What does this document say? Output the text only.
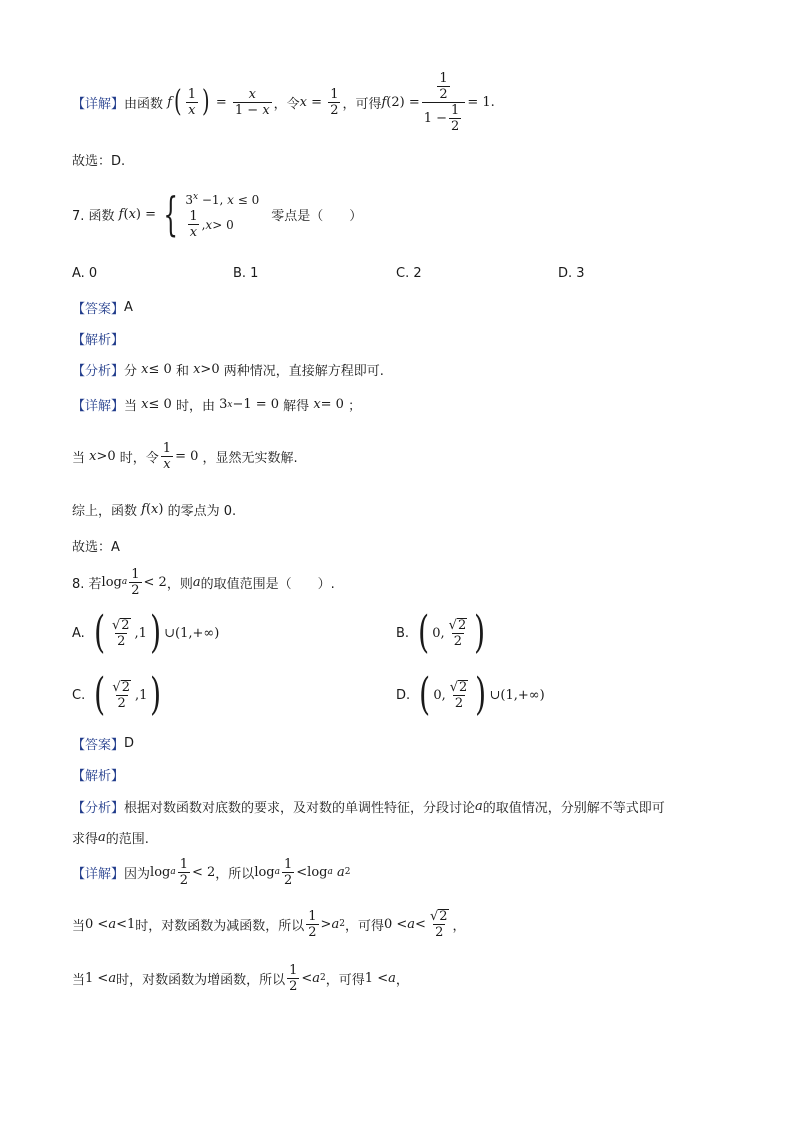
【详解】 由函数 f ( $\frac{1}{x}$ ) = $\frac{x}{1 - x}$ ，令 $x = \frac{1}{2}$ ，可得 f $(2) = \frac{\frac{1}{2}}{1 - \frac{1}{2}} = 1$.
故选：D.
7. 函数 f ( x ) = { $3^x -1$, x ≤ 0
$\frac{1}{x}$ , x > 0
零点是（　　）
A. 0	B. 1	C. 2	D. 3
【答案】 A
【解析】
【分析】 分 x ≤ 0 和 x >0 两种情况，直接解方程即可.
【详解】 当 x ≤ 0 时，由 3 x −1 = 0 解得 x = 0 ；
当 x >0 时，令 $\frac{1}{x} = 0$ ，显然无实数解.
综上，函数 f ( x ) 的零点为 0.
故选：A
8. 若 log a $\frac{1}{2} < 2$ ，则 a 的取值范围是（　　）.
A. ( $\frac{√ 2}{2} ,1$ ) ∪(1,+∞)	B. ( 0, $\frac{√ 2}{2}$ )
C. ( $\frac{√ 2}{2} ,1$ )	D. ( 0, $\frac{√ 2}{2}$ ) ∪(1,+∞)
【答案】 D
【解析】
【分析】 根据对数函数对底数的要求，及对数的单调性特征，分段讨论 a 的取值情况，分别解不等式即可
求得 a 的范围.
【详解】 因为 log a $\frac{1}{2} < 2$ ，所以 log a $\frac{1}{2} <\log$ a a 2
当 0 < a <1 时，对数函数为减函数，所以 $\frac{1}{2} > a$ 2 ，可得 $0 < a < \frac{√ 2}{2}$ ，
当 1 < a 时，对数函数为增函数，所以 $\frac{1}{2} < a$ 2 ，可得 1 < a ，
